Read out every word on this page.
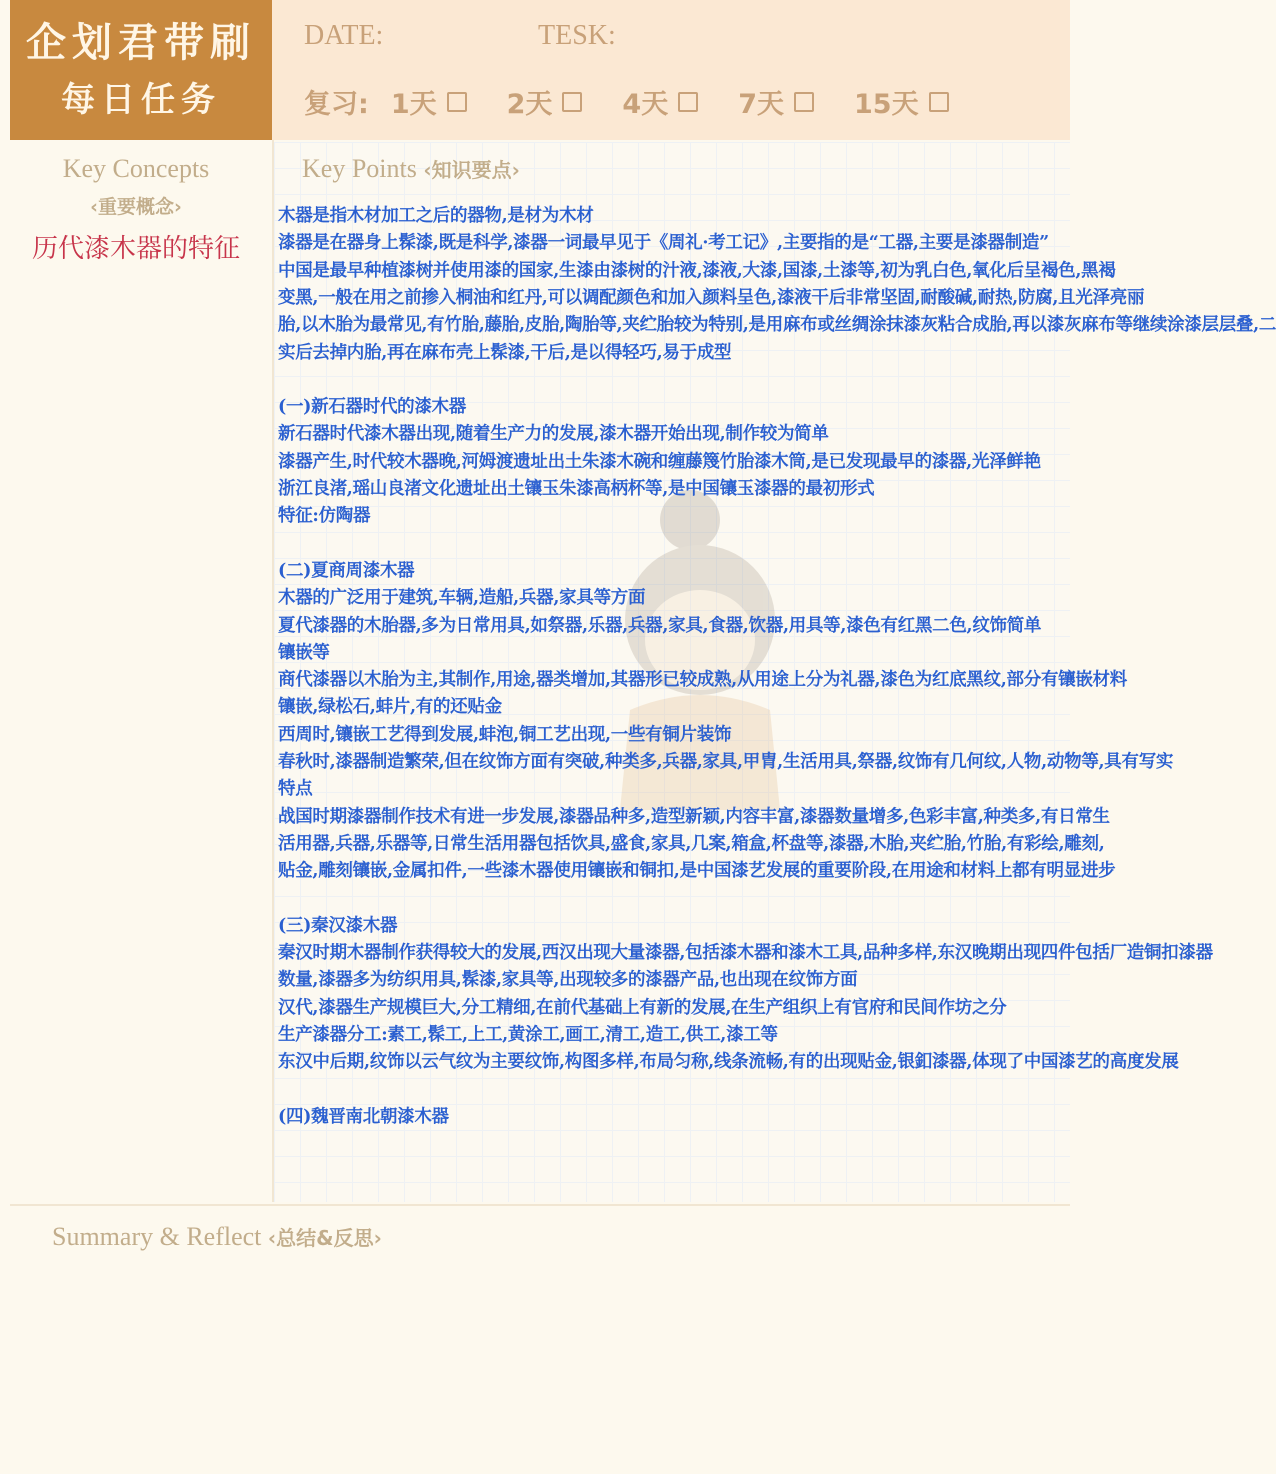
企划君带刷
每日任务
DATE:	TESK:
复习: 1天	2天	4天	7天	15天
Key Concepts
‹重要概念›
历代漆木器的特征
Key Points ‹知识要点›
木器是指木材加工之后的器物,是材为木材
漆器是在器身上髹漆,既是科学,漆器一词最早见于《周礼·考工记》,主要指的是“工器,主要是漆器制造”
中国是最早种植漆树并使用漆的国家,生漆由漆树的汁液,漆液,大漆,国漆,土漆等,初为乳白色,氧化后呈褐色,黑褐
变黑,一般在用之前掺入桐油和红丹,可以调配颜色和加入颜料呈色,漆液干后非常坚固,耐酸碱,耐热,防腐,且光泽亮丽
胎,以木胎为最常见,有竹胎,藤胎,皮胎,陶胎等,夹纻胎较为特别,是用麻布或丝绸涂抹漆灰粘合成胎,再以漆灰麻布等继续涂漆层层叠,二
实后去掉内胎,再在麻布壳上髹漆,干后,是以得轻巧,易于成型
(一)新石器时代的漆木器
新石器时代漆木器出现,随着生产力的发展,漆木器开始出现,制作较为简单
漆器产生,时代较木器晚,河姆渡遗址出土朱漆木碗和缠藤篾竹胎漆木筒,是已发现最早的漆器,光泽鲜艳
浙江良渚,瑶山良渚文化遗址出土镶玉朱漆高柄杯等,是中国镶玉漆器的最初形式
特征:仿陶器
(二)夏商周漆木器
木器的广泛用于建筑,车辆,造船,兵器,家具等方面
夏代漆器的木胎器,多为日常用具,如祭器,乐器,兵器,家具,食器,饮器,用具等,漆色有红黑二色,纹饰简单
镶嵌等
商代漆器以木胎为主,其制作,用途,器类增加,其器形已较成熟,从用途上分为礼器,漆色为红底黑纹,部分有镶嵌材料
镶嵌,绿松石,蚌片,有的还贴金
西周时,镶嵌工艺得到发展,蚌泡,铜工艺出现,一些有铜片装饰
春秋时,漆器制造繁荣,但在纹饰方面有突破,种类多,兵器,家具,甲胄,生活用具,祭器,纹饰有几何纹,人物,动物等,具有写实
特点
战国时期漆器制作技术有进一步发展,漆器品种多,造型新颖,内容丰富,漆器数量增多,色彩丰富,种类多,有日常生
活用器,兵器,乐器等,日常生活用器包括饮具,盛食,家具,几案,箱盒,杯盘等,漆器,木胎,夹纻胎,竹胎,有彩绘,雕刻,
贴金,雕刻镶嵌,金属扣件,一些漆木器使用镶嵌和铜扣,是中国漆艺发展的重要阶段,在用途和材料上都有明显进步
(三)秦汉漆木器
秦汉时期木器制作获得较大的发展,西汉出现大量漆器,包括漆木器和漆木工具,品种多样,东汉晚期出现四件包括厂造铜扣漆器
数量,漆器多为纺织用具,髹漆,家具等,出现较多的漆器产品,也出现在纹饰方面
汉代,漆器生产规模巨大,分工精细,在前代基础上有新的发展,在生产组织上有官府和民间作坊之分
生产漆器分工:素工,髹工,上工,黄涂工,画工,清工,造工,供工,漆工等
东汉中后期,纹饰以云气纹为主要纹饰,构图多样,布局匀称,线条流畅,有的出现贴金,银釦漆器,体现了中国漆艺的高度发展
(四)魏晋南北朝漆木器
Summary & Reflect ‹总结&反思›
